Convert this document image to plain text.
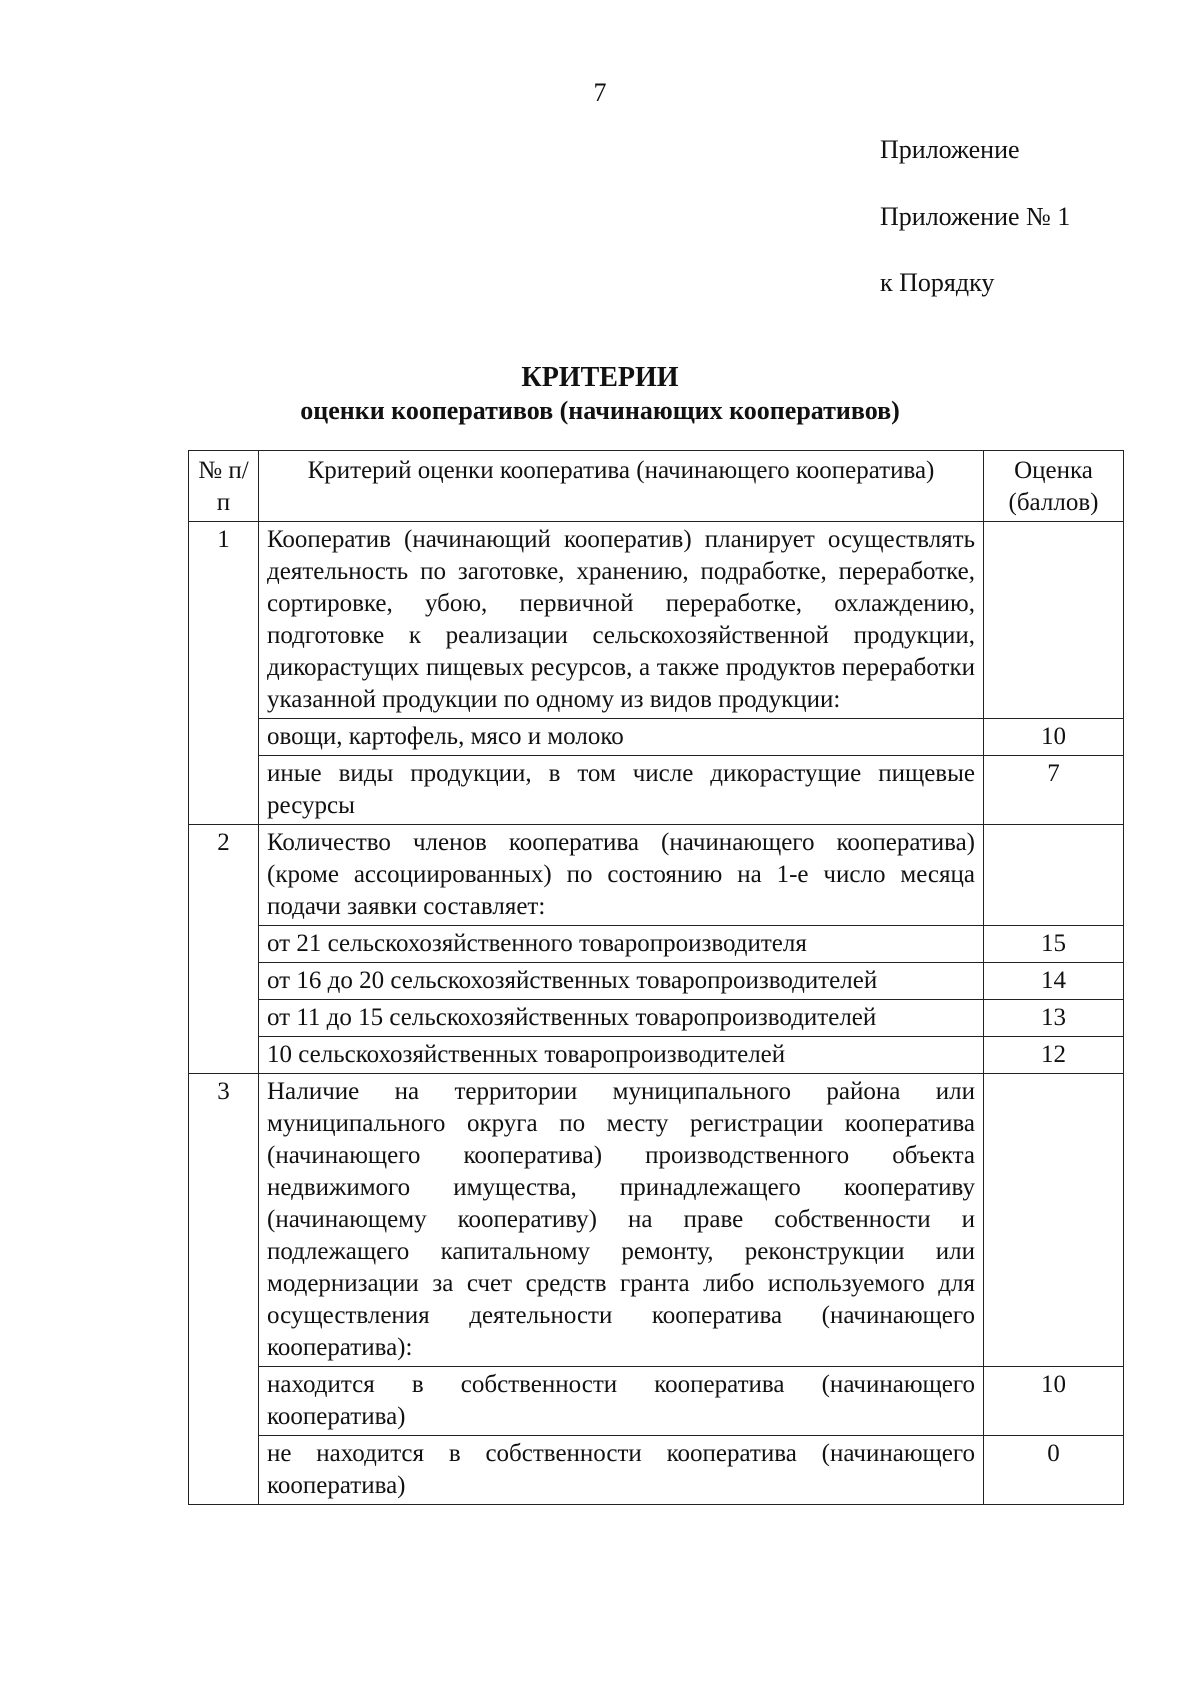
7
Приложение
Приложение № 1
к Порядку
КРИТЕРИИ
оценки кооперативов (начинающих кооперативов)
№ п/п	Критерий оценки кооператива (начинающего кооператива)	Оценка (баллов)
1	Кооператив (начинающий кооператив) планирует осуществлять деятельность по заготовке, хранению, подработке, переработке, сортировке, убою, первичной переработке, охлаждению, подготовке к реализации сельскохозяйственной продукции, дикорастущих пищевых ресурсов, а также продуктов переработки указанной продукции по одному из видов продукции:	
	овощи, картофель, мясо и молоко	10
	иные виды продукции, в том числе дикорастущие пищевые ресурсы	7
2	Количество членов кооператива (начинающего кооператива) (кроме ассоциированных) по состоянию на 1-е число месяца подачи заявки составляет:	
	от 21 сельскохозяйственного товаропроизводителя	15
	от 16 до 20 сельскохозяйственных товаропроизводителей	14
	от 11 до 15 сельскохозяйственных товаропроизводителей	13
	10 сельскохозяйственных товаропроизводителей	12
3	Наличие на территории муниципального района или муниципального округа по месту регистрации кооператива (начинающего кооператива) производственного объекта недвижимого имущества, принадлежащего кооперативу (начинающему кооперативу) на праве собственности и подлежащего капитальному ремонту, реконструкции или модернизации за счет средств гранта либо используемого для осуществления деятельности кооператива (начинающего кооператива):	
	находится в собственности кооператива (начинающего кооператива)	10
	не находится в собственности кооператива (начинающего кооператива)	0
